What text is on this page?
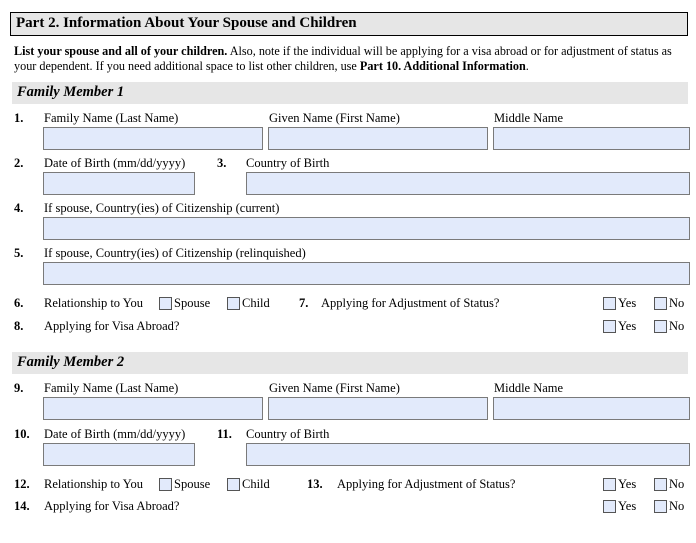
Part 2. Information About Your Spouse and Children
List your spouse and all of your children. Also, note if the individual will be applying for a visa abroad or for adjustment of status as your dependent. If you need additional space to list other children, use Part 10. Additional Information.
Family Member 1
1. Family Name (Last Name)	Given Name (First Name)	Middle Name
2. Date of Birth (mm/dd/yyyy)	3. Country of Birth
4. If spouse, Country(ies) of Citizenship (current)
5. If spouse, Country(ies) of Citizenship (relinquished)
6. Relationship to You Spouse	Child 7. Applying for Adjustment of Status?	Yes	No
8. Applying for Visa Abroad?	Yes	No
Family Member 2
9. Family Name (Last Name)	Given Name (First Name)	Middle Name
10. Date of Birth (mm/dd/yyyy)	11. Country of Birth
12. Relationship to You Spouse	Child	13. Applying for Adjustment of Status?	Yes	No
14. Applying for Visa Abroad?	Yes	No
